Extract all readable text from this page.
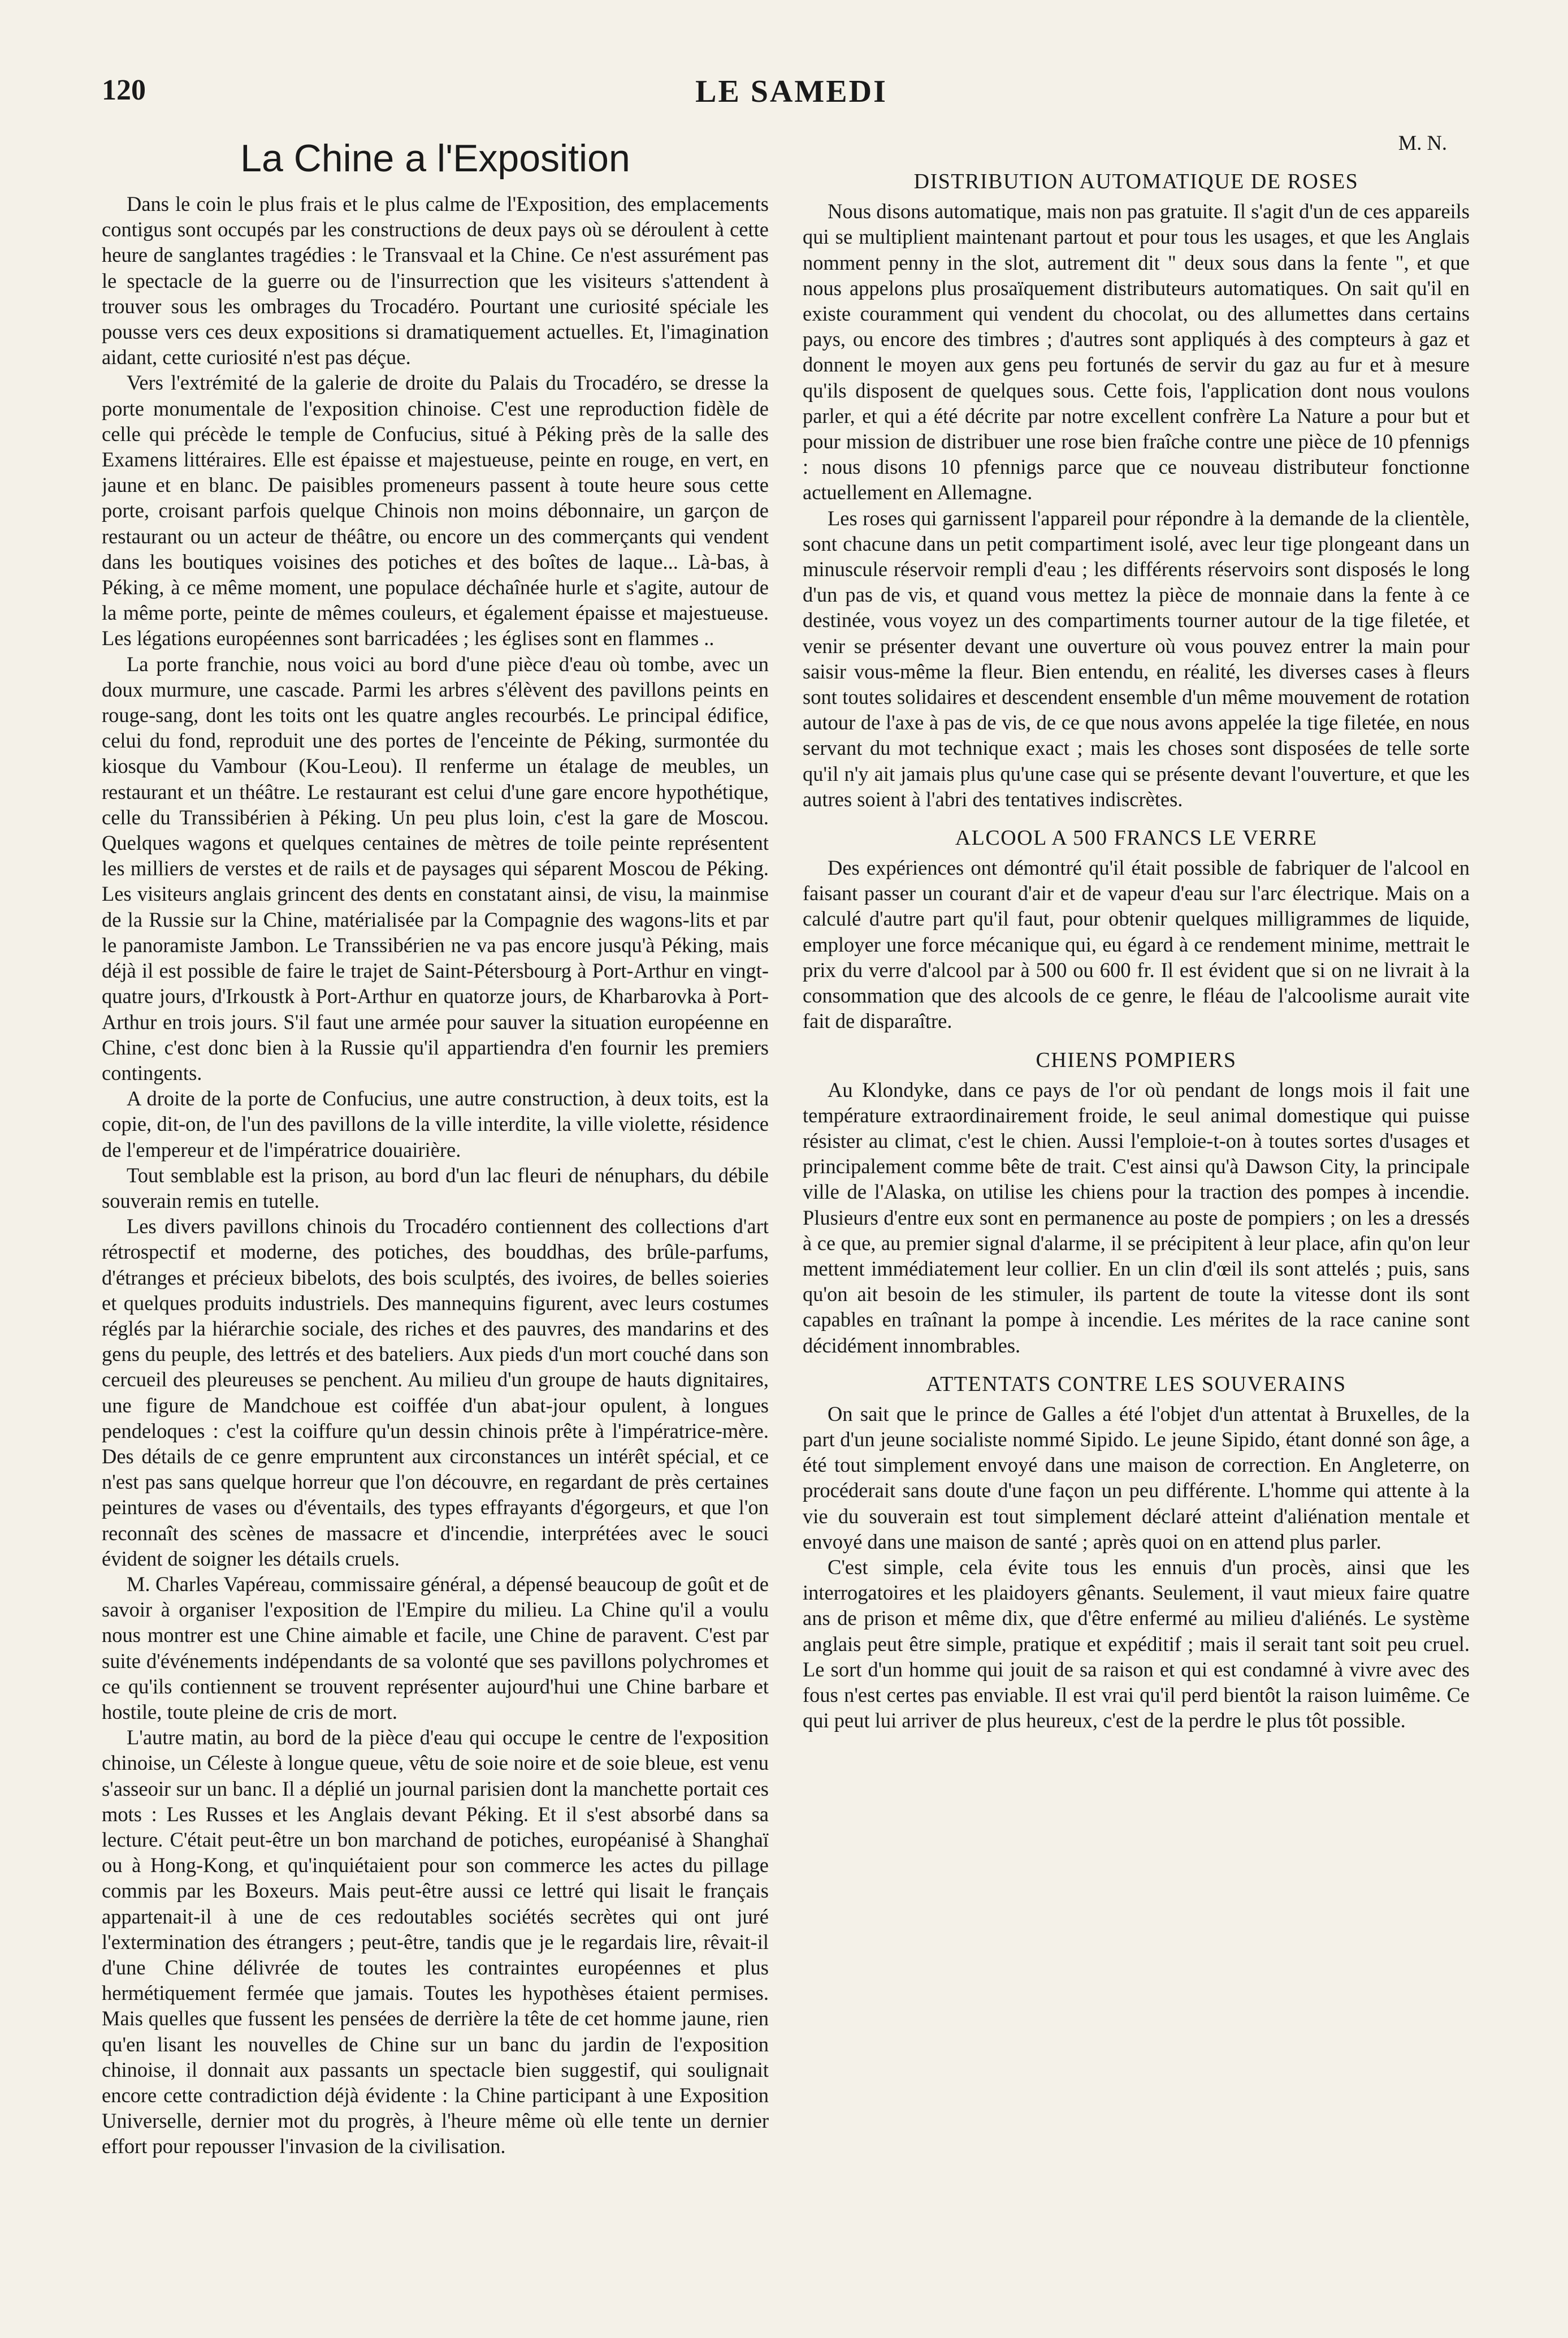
120	LE SAMEDI
La Chine a l'Exposition

Dans le coin le plus frais et le plus calme de l'Exposition, des emplacements contigus sont occupés par les constructions de deux pays où se déroulent à cette heure de sanglantes tragédies : le Transvaal et la Chine. Ce n'est assurément pas le spectacle de la guerre ou de l'insurrection que les visiteurs s'attendent à trouver sous les ombrages du Trocadéro. Pourtant une curiosité spéciale les pousse vers ces deux expositions si dramatiquement actuelles. Et, l'imagination aidant, cette curiosité n'est pas déçue.

Vers l'extrémité de la galerie de droite du Palais du Trocadéro, se dresse la porte monumentale de l'exposition chinoise. C'est une reproduction fidèle de celle qui précède le temple de Confucius, situé à Péking près de la salle des Examens littéraires. Elle est épaisse et majestueuse, peinte en rouge, en vert, en jaune et en blanc. De paisibles promeneurs passent à toute heure sous cette porte, croisant parfois quelque Chinois non moins débonnaire, un garçon de restaurant ou un acteur de théâtre, ou encore un des commerçants qui vendent dans les boutiques voisines des potiches et des boîtes de laque... Là-bas, à Péking, à ce même moment, une populace déchaînée hurle et s'agite, autour de la même porte, peinte de mêmes couleurs, et également épaisse et majestueuse. Les légations européennes sont barricadées ; les églises sont en flammes ..

La porte franchie, nous voici au bord d'une pièce d'eau où tombe, avec un doux murmure, une cascade. Parmi les arbres s'élèvent des pavillons peints en rouge-sang, dont les toits ont les quatre angles recourbés. Le principal édifice, celui du fond, reproduit une des portes de l'enceinte de Péking, surmontée du kiosque du Vambour (Kou-Leou). Il renferme un étalage de meubles, un restaurant et un théâtre. Le restaurant est celui d'une gare encore hypothétique, celle du Transsibérien à Péking. Un peu plus loin, c'est la gare de Moscou. Quelques wagons et quelques centaines de mètres de toile peinte représentent les milliers de verstes et de rails et de paysages qui séparent Moscou de Péking. Les visiteurs anglais grincent des dents en constatant ainsi, de visu, la mainmise de la Russie sur la Chine, matérialisée par la Compagnie des wagons-lits et par le panoramiste Jambon. Le Transsibérien ne va pas encore jusqu'à Péking, mais déjà il est possible de faire le trajet de Saint-Pétersbourg à Port-Arthur en vingt-quatre jours, d'Irkoustk à Port-Arthur en quatorze jours, de Kharbarovka à Port-Arthur en trois jours. S'il faut une armée pour sauver la situation européenne en Chine, c'est donc bien à la Russie qu'il appartiendra d'en fournir les premiers contingents.

A droite de la porte de Confucius, une autre construction, à deux toits, est la copie, dit-on, de l'un des pavillons de la ville interdite, la ville violette, résidence de l'empereur et de l'impératrice douairière.

Tout semblable est la prison, au bord d'un lac fleuri de nénuphars, du débile souverain remis en tutelle.

Les divers pavillons chinois du Trocadéro contiennent des collections d'art rétrospectif et moderne, des potiches, des bouddhas, des brûle-parfums, d'étranges et précieux bibelots, des bois sculptés, des ivoires, de belles soieries et quelques produits industriels. Des mannequins figurent, avec leurs costumes réglés par la hiérarchie sociale, des riches et des pauvres, des mandarins et des gens du peuple, des lettrés et des bateliers. Aux pieds d'un mort couché dans son cercueil des pleureuses se penchent. Au milieu d'un groupe de hauts dignitaires, une figure de Mandchoue est coiffée d'un abat-jour opulent, à longues pendeloques : c'est la coiffure qu'un dessin chinois prête à l'impératrice-mère. Des détails de ce genre empruntent aux circonstances un intérêt spécial, et ce n'est pas sans quelque horreur que l'on découvre, en regardant de près certaines peintures de vases ou d'éventails, des types effrayants d'égorgeurs, et que l'on reconnaît des scènes de massacre et d'incendie, interprétées avec le souci évident de soigner les détails cruels.

M. Charles Vapéreau, commissaire général, a dépensé beaucoup de goût et de savoir à organiser l'exposition de l'Empire du milieu. La Chine qu'il a voulu nous montrer est une Chine aimable et facile, une Chine de paravent. C'est par suite d'événements indépendants de sa volonté que ses pavillons polychromes et ce qu'ils contiennent se trouvent représenter aujourd'hui une Chine barbare et hostile, toute pleine de cris de mort.

L'autre matin, au bord de la pièce d'eau qui occupe le centre de l'exposition chinoise, un Céleste à longue queue, vêtu de soie noire et de soie bleue, est venu s'asseoir sur un banc. Il a déplié un journal parisien dont la manchette portait ces mots : Les Russes et les Anglais devant Péking. Et il s'est absorbé dans sa lecture. C'était peut-être un bon marchand de potiches, européanisé à Shanghaï ou à Hong-Kong, et qu'inquiétaient pour son commerce les actes du pillage commis par les Boxeurs. Mais peut-être aussi ce lettré qui lisait le français appartenait-il à une de ces redoutables sociétés secrètes qui ont juré l'extermination des étrangers ; peut-être, tandis que je le regardais lire, rêvait-il d'une Chine délivrée de toutes les contraintes européennes et plus hermétiquement fermée que jamais. Toutes les hypothèses étaient permises. Mais quelles que fussent les pensées de derrière la tête de cet homme jaune, rien qu'en lisant les nouvelles de Chine sur un banc du jardin de l'exposition chinoise, il donnait aux passants un spectacle bien suggestif, qui soulignait encore cette contradiction déjà évidente : la Chine participant à une Exposition Universelle, dernier mot du progrès, à l'heure même où elle tente un dernier effort pour repousser l'invasion de la civilisation.

M. N.

DISTRIBUTION AUTOMATIQUE DE ROSES

Nous disons automatique, mais non pas gratuite. Il s'agit d'un de ces appareils qui se multiplient maintenant partout et pour tous les usages, et que les Anglais nomment penny in the slot, autrement dit " deux sous dans la fente ", et que nous appelons plus prosaïquement distributeurs automatiques. On sait qu'il en existe couramment qui vendent du chocolat, ou des allumettes dans certains pays, ou encore des timbres ; d'autres sont appliqués à des compteurs à gaz et donnent le moyen aux gens peu fortunés de servir du gaz au fur et à mesure qu'ils disposent de quelques sous. Cette fois, l'application dont nous voulons parler, et qui a été décrite par notre excellent confrère La Nature a pour but et pour mission de distribuer une rose bien fraîche contre une pièce de 10 pfennigs : nous disons 10 pfennigs parce que ce nouveau distributeur fonctionne actuellement en Allemagne.

Les roses qui garnissent l'appareil pour répondre à la demande de la clientèle, sont chacune dans un petit compartiment isolé, avec leur tige plongeant dans un minuscule réservoir rempli d'eau ; les différents réservoirs sont disposés le long d'un pas de vis, et quand vous mettez la pièce de monnaie dans la fente à ce destinée, vous voyez un des compartiments tourner autour de la tige filetée, et venir se présenter devant une ouverture où vous pouvez entrer la main pour saisir vous-même la fleur. Bien entendu, en réalité, les diverses cases à fleurs sont toutes solidaires et descendent ensemble d'un même mouvement de rotation autour de l'axe à pas de vis, de ce que nous avons appelée la tige filetée, en nous servant du mot technique exact ; mais les choses sont disposées de telle sorte qu'il n'y ait jamais plus qu'une case qui se présente devant l'ouverture, et que les autres soient à l'abri des tentatives indiscrètes.

ALCOOL A 500 FRANCS LE VERRE

Des expériences ont démontré qu'il était possible de fabriquer de l'alcool en faisant passer un courant d'air et de vapeur d'eau sur l'arc électrique. Mais on a calculé d'autre part qu'il faut, pour obtenir quelques milligrammes de liquide, employer une force mécanique qui, eu égard à ce rendement minime, mettrait le prix du verre d'alcool par à 500 ou 600 fr. Il est évident que si on ne livrait à la consommation que des alcools de ce genre, le fléau de l'alcoolisme aurait vite fait de disparaître.

CHIENS POMPIERS

Au Klondyke, dans ce pays de l'or où pendant de longs mois il fait une température extraordinairement froide, le seul animal domestique qui puisse résister au climat, c'est le chien. Aussi l'emploie-t-on à toutes sortes d'usages et principalement comme bête de trait. C'est ainsi qu'à Dawson City, la principale ville de l'Alaska, on utilise les chiens pour la traction des pompes à incendie. Plusieurs d'entre eux sont en permanence au poste de pompiers ; on les a dressés à ce que, au premier signal d'alarme, il se précipitent à leur place, afin qu'on leur mettent immédiatement leur collier. En un clin d'œil ils sont attelés ; puis, sans qu'on ait besoin de les stimuler, ils partent de toute la vitesse dont ils sont capables en traînant la pompe à incendie. Les mérites de la race canine sont décidément innombrables.

ATTENTATS CONTRE LES SOUVERAINS

On sait que le prince de Galles a été l'objet d'un attentat à Bruxelles, de la part d'un jeune socialiste nommé Sipido. Le jeune Sipido, étant donné son âge, a été tout simplement envoyé dans une maison de correction. En Angleterre, on procéderait sans doute d'une façon un peu différente. L'homme qui attente à la vie du souverain est tout simplement déclaré atteint d'aliénation mentale et envoyé dans une maison de santé ; après quoi on en attend plus parler.

C'est simple, cela évite tous les ennuis d'un procès, ainsi que les interrogatoires et les plaidoyers gênants. Seulement, il vaut mieux faire quatre ans de prison et même dix, que d'être enfermé au milieu d'aliénés. Le système anglais peut être simple, pratique et expéditif ; mais il serait tant soit peu cruel. Le sort d'un homme qui jouit de sa raison et qui est condamné à vivre avec des fous n'est certes pas enviable. Il est vrai qu'il perd bientôt la raison luimême. Ce qui peut lui arriver de plus heureux, c'est de la perdre le plus tôt possible.
